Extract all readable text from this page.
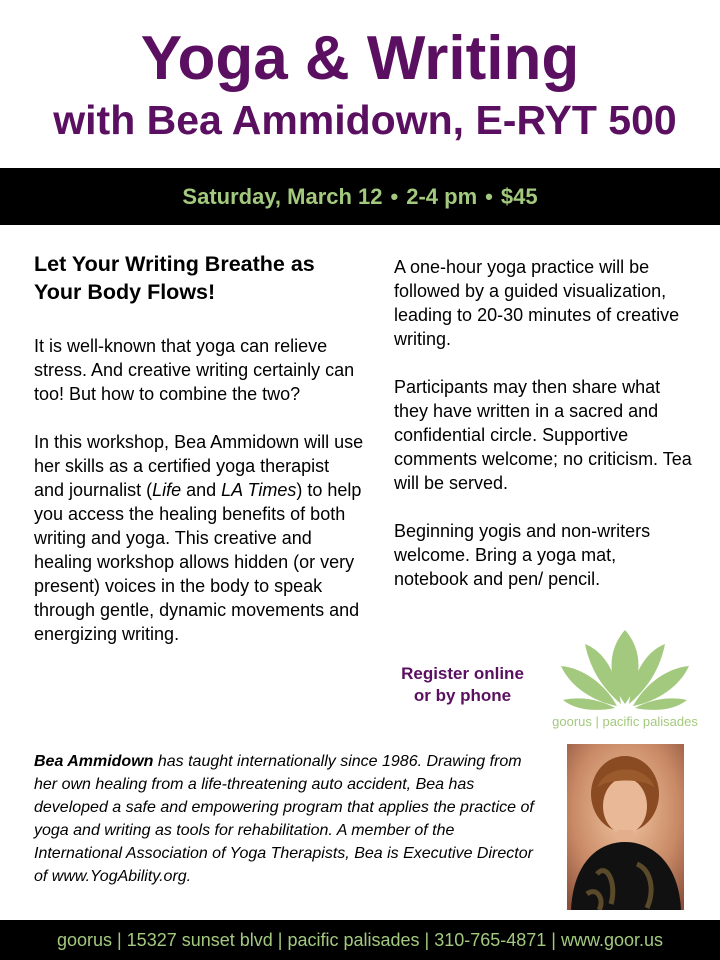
Yoga & Writing
with Bea Ammidown, E-RYT 500
Saturday, March 12 • 2-4 pm • $45

Let Your Writing Breathe as Your Body Flows!

It is well-known that yoga can relieve stress. And creative writing certainly can too! But how to combine the two?

In this workshop, Bea Ammidown will use her skills as a certified yoga therapist and journalist (Life and LA Times) to help you access the healing benefits of both writing and yoga. This creative and healing workshop allows hidden (or very present) voices in the body to speak through gentle, dynamic movements and energizing writing.

A one-hour yoga practice will be followed by a guided visualization, leading to 20-30 minutes of creative writing.

Participants may then share what they have written in a sacred and confidential circle. Supportive comments welcome; no criticism. Tea will be served.

Beginning yogis and non-writers welcome. Bring a yoga mat, notebook and pen/ pencil.

Register online
or by phone
goorus | pacific palisades
Bea Ammidown has taught internationally since 1986. Drawing from her own healing from a life-threatening auto accident, Bea has developed a safe and empowering program that applies the practice of yoga and writing as tools for rehabilitation. A member of the International Association of Yoga Therapists, Bea is Executive Director of www.YogAbility.org.
goorus | 15327 sunset blvd | pacific palisades | 310-765-4871 | www.goor.us
